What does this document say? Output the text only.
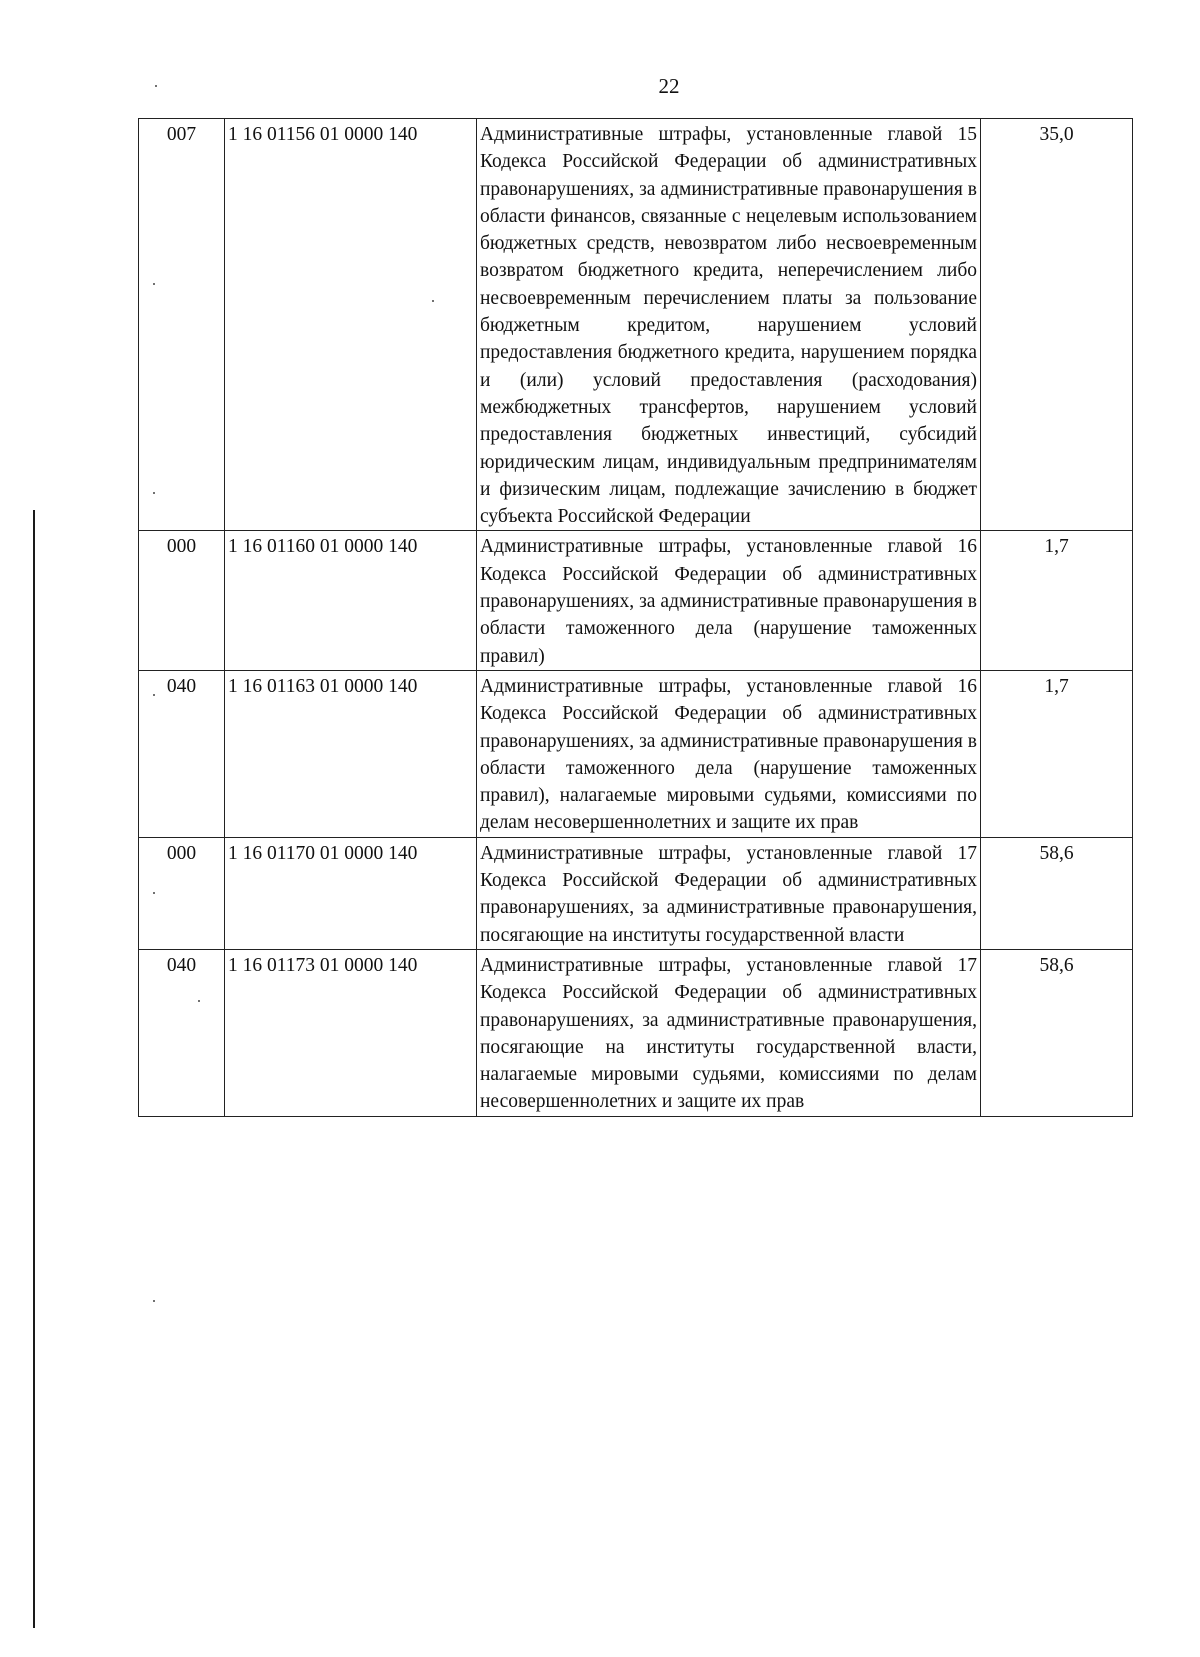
22
007	1 16 01156 01 0000 140	Административные штрафы, установленные главой 15 Кодекса Российской Федерации об административных правонарушениях, за административные правонарушения в области финансов, связанные с нецелевым использованием бюджетных средств, невозвратом либо несвоевременным возвратом бюджетного кредита, неперечислением либо несвоевременным перечислением платы за пользование бюджетным кредитом, нарушением условий предоставления бюджетного кредита, нарушением порядка и (или) условий предоставления (расходования) межбюджетных трансфертов, нарушением условий предоставления бюджетных инвестиций, субсидий юридическим лицам, индивидуальным предпринимателям и физическим лицам, подлежащие зачислению в бюджет субъекта Российской Федерации	35,0
000	1 16 01160 01 0000 140	Административные штрафы, установленные главой 16 Кодекса Российской Федерации об административных правонарушениях, за административные правонарушения в области таможенного дела (нарушение таможенных правил)	1,7
040	1 16 01163 01 0000 140	Административные штрафы, установленные главой 16 Кодекса Российской Федерации об административных правонарушениях, за административные правонарушения в области таможенного дела (нарушение таможенных правил), налагаемые мировыми судьями, комиссиями по делам несовершеннолетних и защите их прав	1,7
000	1 16 01170 01 0000 140	Административные штрафы, установленные главой 17 Кодекса Российской Федерации об административных правонарушениях, за административные правонарушения, посягающие на институты государственной власти	58,6
040	1 16 01173 01 0000 140	Административные штрафы, установленные главой 17 Кодекса Российской Федерации об административных правонарушениях, за административные правонарушения, посягающие на институты государственной власти, налагаемые мировыми судьями, комиссиями по делам несовершеннолетних и защите их прав	58,6
